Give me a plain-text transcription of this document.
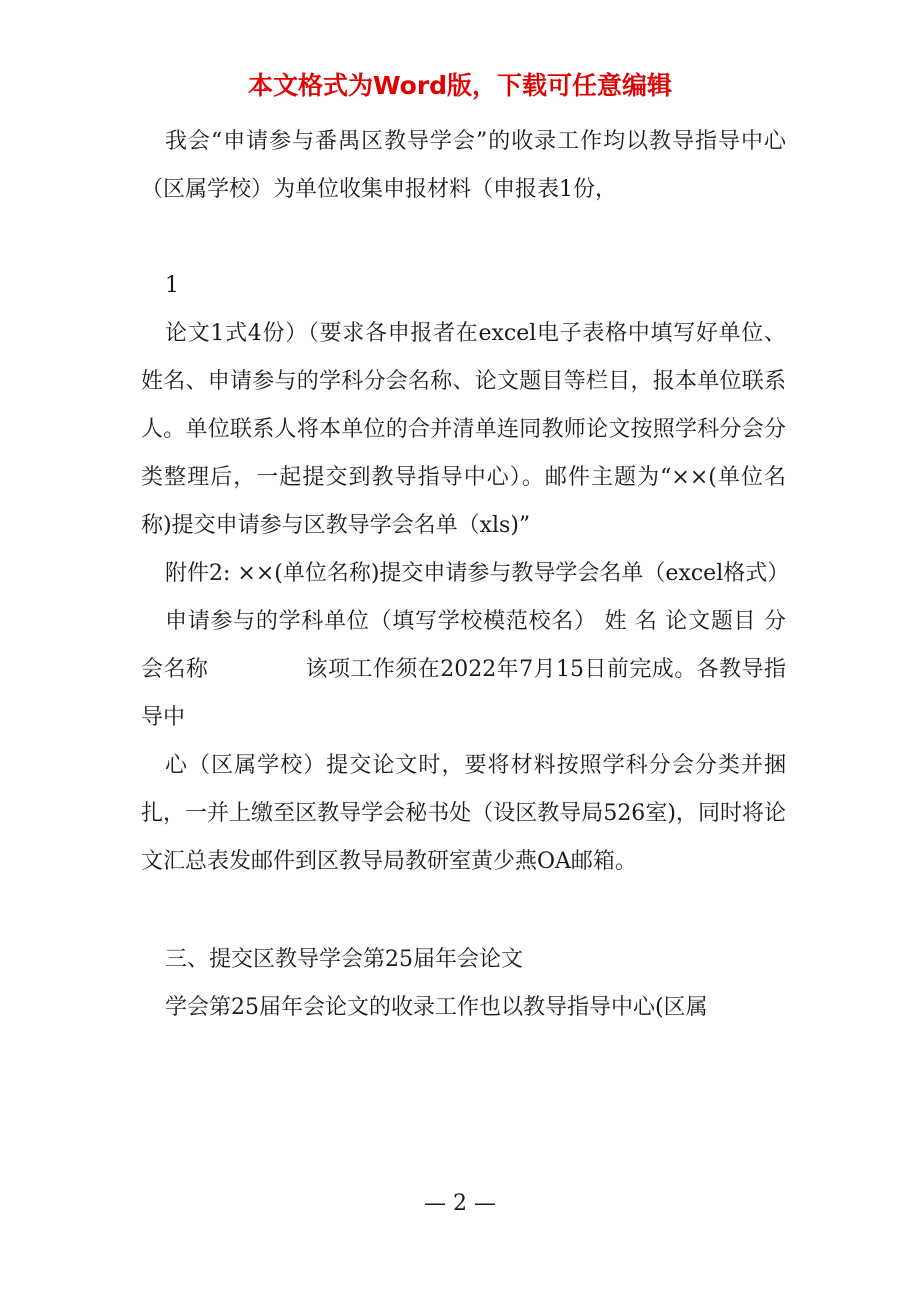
本文格式为Word版，下载可任意编辑

我会“申请参与番禺区教导学会”的收录工作均以教导指导中心（区属学校）为单位收集申报材料（申报表1份，

1

论文1式4份）（要求各申报者在excel电子表格中填写好单位、姓名、申请参与的学科分会名称、论文题目等栏目，报本单位联系人。单位联系人将本单位的合并清单连同教师论文按照学科分会分类整理后，一起提交到教导指导中心）。邮件主题为“××(单位名称)提交申请参与区教导学会名单（xls)”

附件2: ××(单位名称)提交申请参与教导学会名单（excel格式）

申请参与的学科单位（填写学校模范校名） 姓 名 论文题目 分会名称 　　　　该项工作须在2022年7月15日前完成。各教导指导中

心（区属学校）提交论文时，要将材料按照学科分会分类并捆扎，一并上缴至区教导学会秘书处（设区教导局526室)，同时将论文汇总表发邮件到区教导局教研室黄少燕OA邮箱。

三、提交区教导学会第25届年会论文

学会第25届年会论文的收录工作也以教导指导中心(区属

— 2 —
